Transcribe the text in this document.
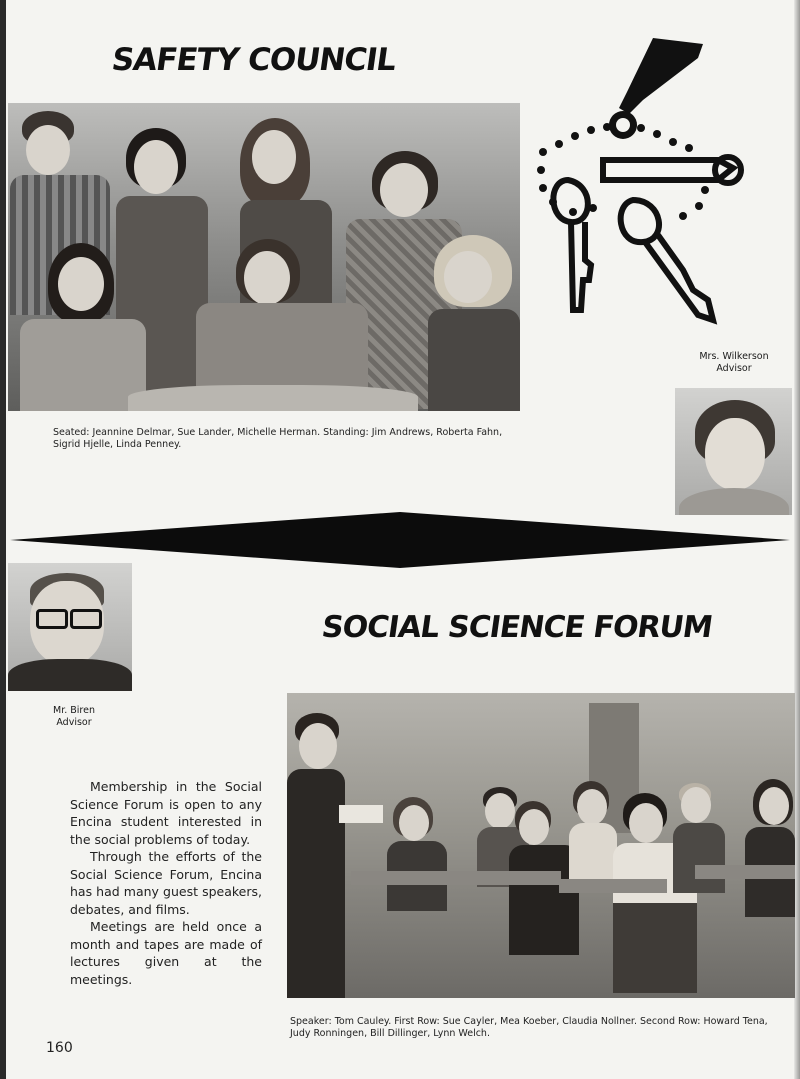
SAFETY COUNCIL
Seated: Jeannine Delmar, Sue Lander, Michelle Herman. Standing: Jim Andrews, Roberta Fahn, Sigrid Hjelle, Linda Penney.
Mrs. Wilkerson
Advisor
Mr. Biren
Advisor
SOCIAL SCIENCE FORUM

Membership in the Social Science Forum is open to any Encina student interested in the social problems of today.

Through the efforts of the Social Science Forum, Encina has had many guest speakers, debates, and films.

Meetings are held once a month and tapes are made of lectures given at the meetings.

Speaker: Tom Cauley. First Row: Sue Cayler, Mea Koeber, Claudia Nollner. Second Row: Howard Tena, Judy Ronningen, Bill Dillinger, Lynn Welch.
160
